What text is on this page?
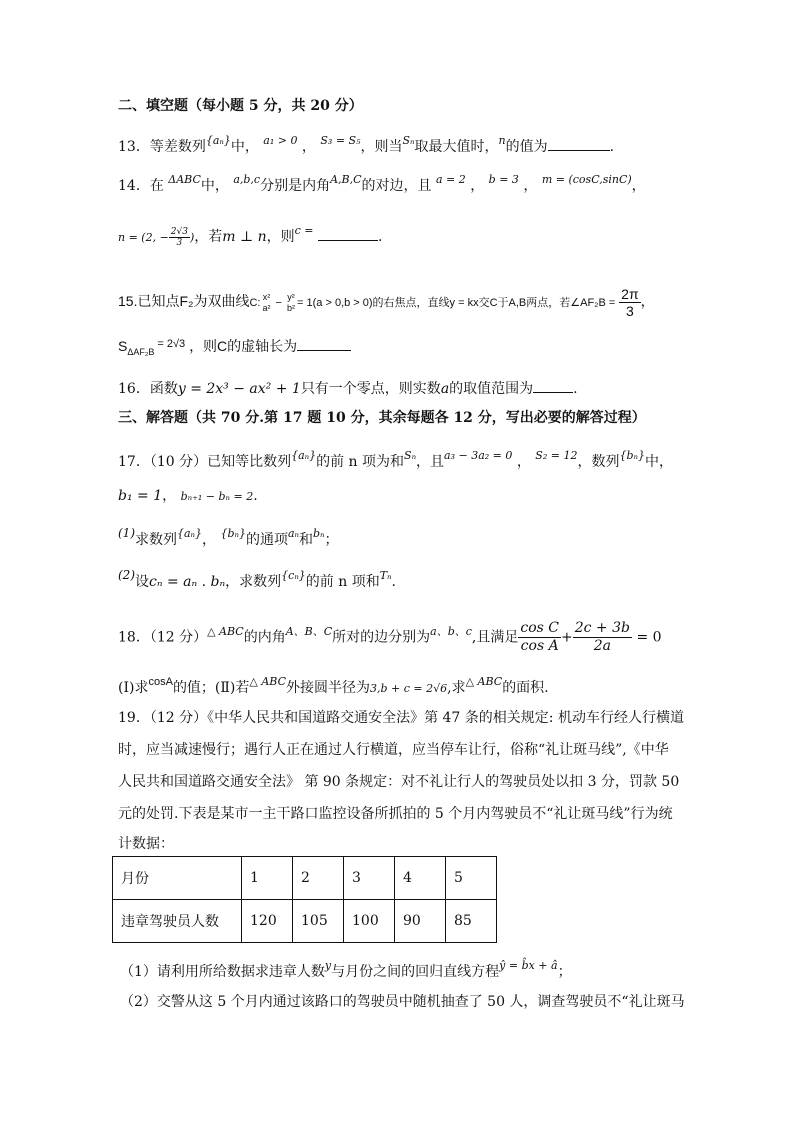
二、填空题（每小题 5 分，共 20 分）
13．等差数列$^{\{a_n\}}$中， $^{a_1 > 0}$ ， $^{S_3 = S_5}$，则当$^{S_n}$取最大值时，$^n$的值为	.
14．在 $^{\Delta ABC}$中， $^{a,b,c}$分别是内角$^{A,B,C}$的对边，且 $^{a = 2}$ ， $^{b = 3}$ ， $^{m = (cosC,sinC)}$，
n = (2, − $\frac{2√3}{3}$ )，若m ⊥ n，则$^{c =}$	.
15.已知点F₂为双曲线C:
x²
a² −
y²
b² = 1(a > 0,b > 0)的右焦点，直线y = kx交C于A,B两点，若∠AF₂B = $\frac{2\pi}{3}$ ，
$S_{\Delta AF_2B}$ $^{= 2√3}$ ，则C的虚轴长为
16．函数y = 2x³ − ax² + 1只有一个零点，则实数a的取值范围为	.
三、解答题（共 70 分.第 17 题 10 分，其余每题各 12 分，写出必要的解答过程）
17．（10 分）已知等比数列$^{\{a_n\}}$的前 n 项为和$^{S_n}$，且$^{a_3 - 3a_2 = 0}$ ， $^{S_2 = 12}$，数列$^{\{b_n\}}$中，
b₁ = 1， bₙ₊₁ − bₙ = 2.
(1)求数列$^{\{a_n\}}$， $^{\{b_n\}}$的通项$^{a_n}$和$^{b_n}$；
(2)设cₙ = aₙ . bₙ，求数列$^{\{c_n\}}$的前 n 项和$^{T_n}$.
18．（12 分）$^{\triangle ABC}$的内角$^{A、B、C}$所对的边分别为$^{a、b、c}$,且满足 $\frac{\text{cos C}}{\text{cos A}} + \frac{2c + 3b}{2a} = 0$
(Ⅰ)求$^{cosA}$的值；(Ⅱ)若$^{\triangle ABC}$外接圆半径为3,b + c = 2√6,求$^{\triangle ABC}$的面积.
19．（12 分）《中华人民共和国道路交通安全法》第 47 条的相关规定: 机动车行经人行横道
时，应当减速慢行；遇行人正在通过人行横道，应当停车让行，俗称“礼让斑马线”,《中华
人民共和国道路交通安全法》 第 90 条规定：对不礼让行人的驾驶员处以扣 3 分，罚款 50
元的处罚.下表是某市一主干路口监控设备所抓拍的 5 个月内驾驶员不“礼让斑马线”行为统
计数据：
月份	1	2	3	4	5
违章驾驶员人数	120	105	100	90	85
（1）请利用所给数据求违章人数$^y$与月份之间的回归直线方程$^{ŷ = b̂x + â}$；
（2）交警从这 5 个月内通过该路口的驾驶员中随机抽查了 50 人，调查驾驶员不“礼让斑马
